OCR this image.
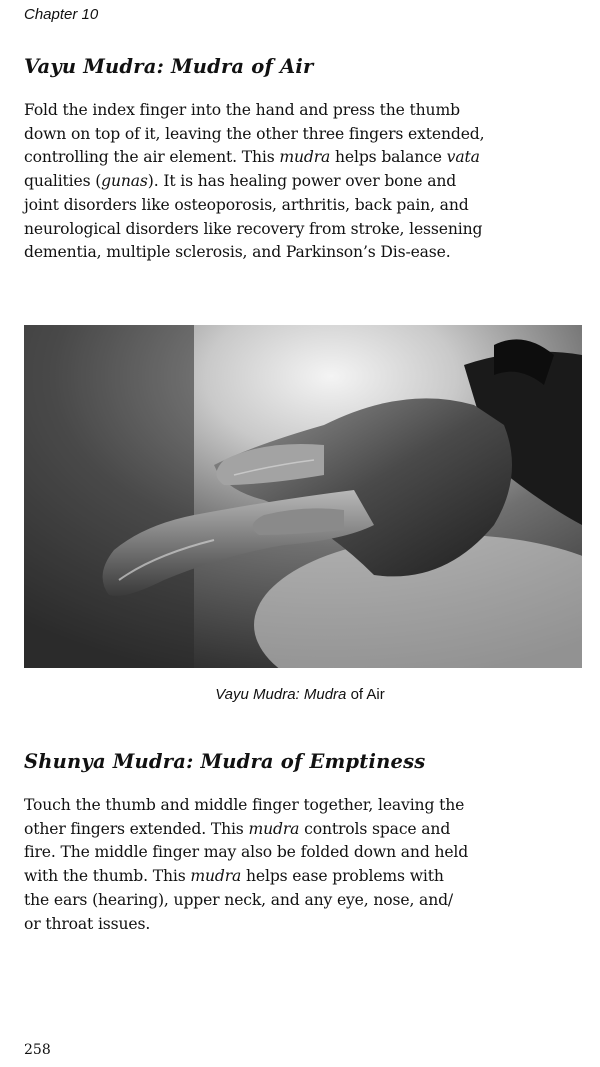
Chapter 10
Vayu Mudra: Mudra of Air

Fold the index finger into the hand and press the thumb
down on top of it, leaving the other three fingers extended,
controlling the air element. This mudra helps balance vata
qualities (gunas). It is has healing power over bone and
joint disorders like osteoporosis, arthritis, back pain, and
neurological disorders like recovery from stroke, lessening
dementia, multiple sclerosis, and Parkinson’s Dis-ease.

Vayu Mudra: Mudra of Air
Shunya Mudra: Mudra of Emptiness

Touch the thumb and middle finger together, leaving the
other fingers extended. This mudra controls space and
fire. The middle finger may also be folded down and held
with the thumb. This mudra helps ease problems with
the ears (hearing), upper neck, and any eye, nose, and/
or throat issues.

258
